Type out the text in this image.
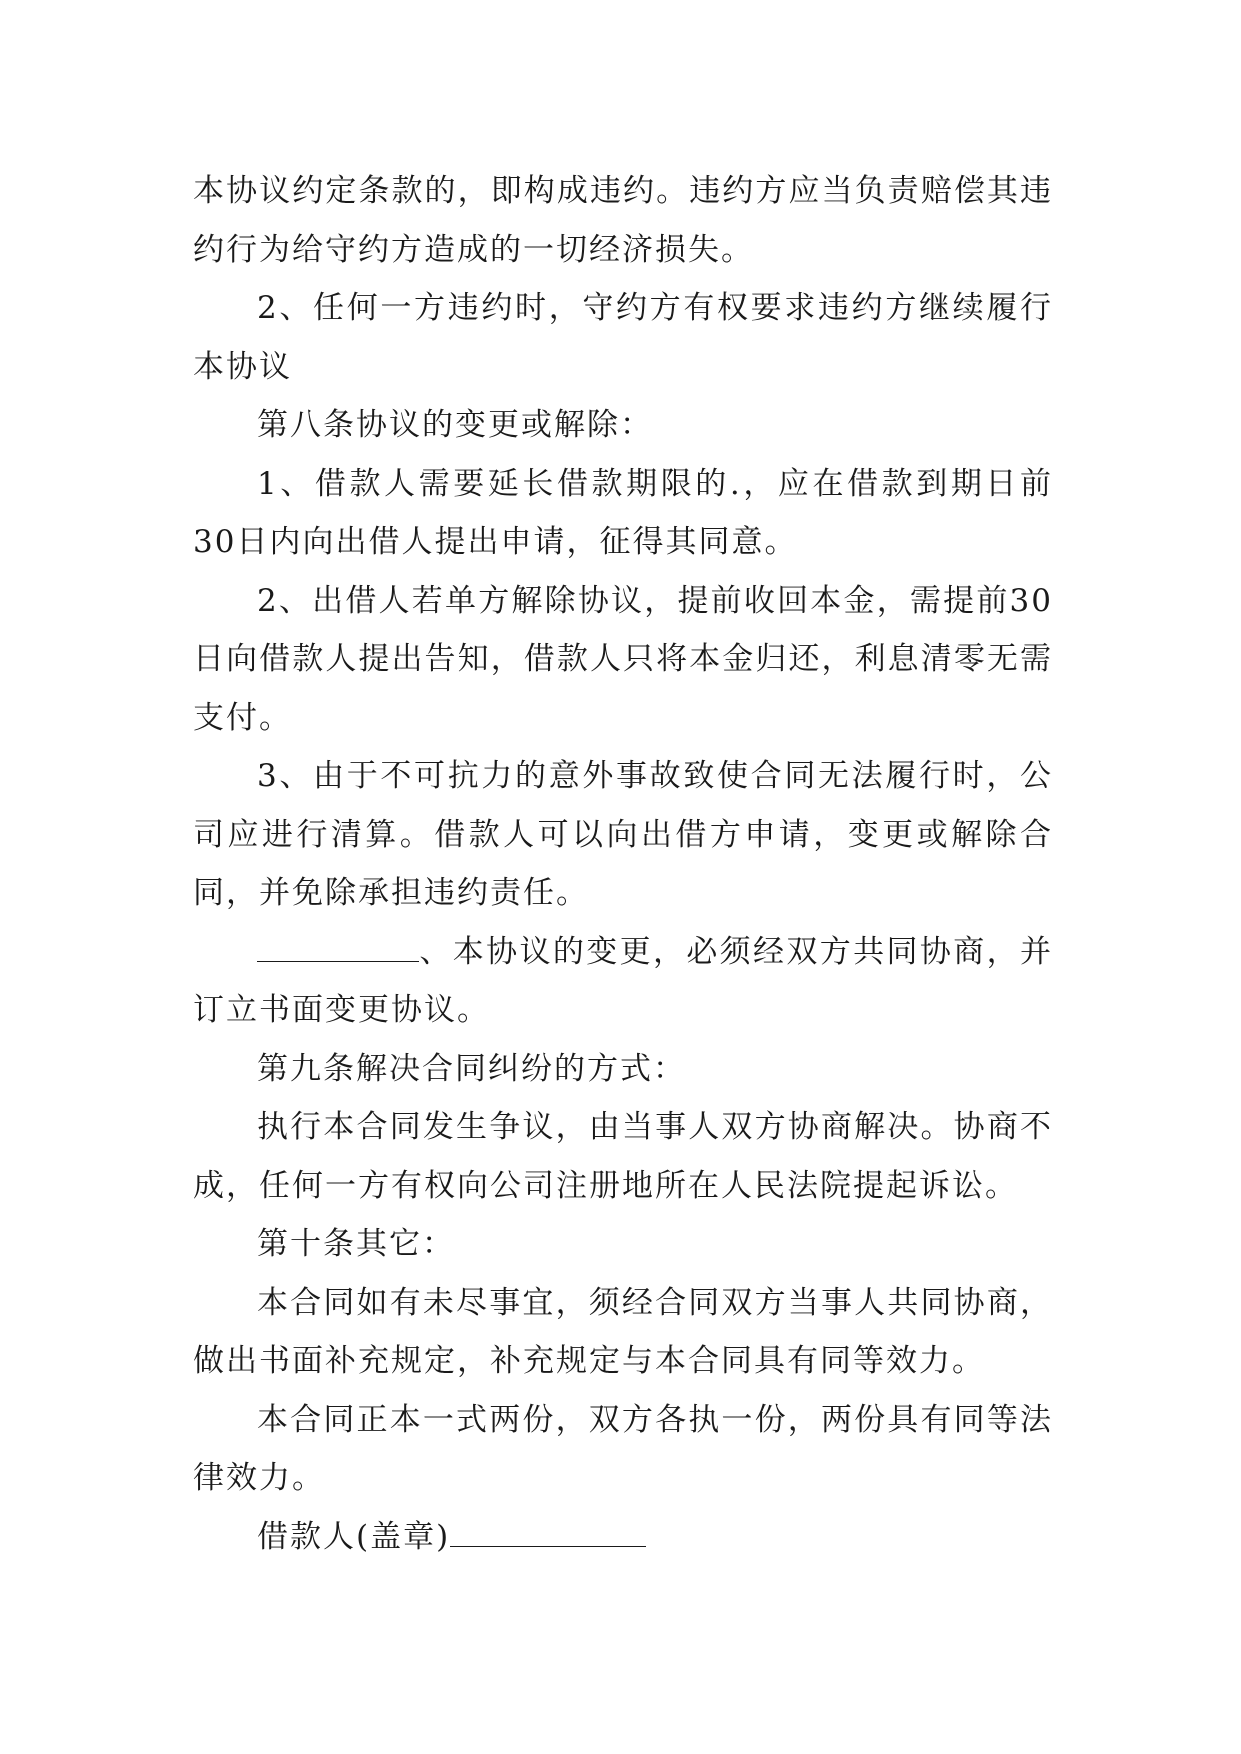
本协议约定条款的，即构成违约。违约方应当负责赔偿其违约行为给守约方造成的一切经济损失。

2、任何一方违约时，守约方有权要求违约方继续履行本协议

第八条协议的变更或解除：

1、借款人需要延长借款期限的.，应在借款到期日前30日内向出借人提出申请，征得其同意。

2、出借人若单方解除协议，提前收回本金，需提前30日向借款人提出告知，借款人只将本金归还，利息清零无需支付。

3、由于不可抗力的意外事故致使合同无法履行时，公司应进行清算。借款人可以向出借方申请，变更或解除合同，并免除承担违约责任。

、本协议的变更，必须经双方共同协商，并订立书面变更协议。

第九条解决合同纠纷的方式：

执行本合同发生争议，由当事人双方协商解决。协商不成，任何一方有权向公司注册地所在人民法院提起诉讼。

第十条其它：

本合同如有未尽事宜，须经合同双方当事人共同协商，做出书面补充规定，补充规定与本合同具有同等效力。

本合同正本一式两份，双方各执一份，两份具有同等法律效力。

借款人(盖章)
